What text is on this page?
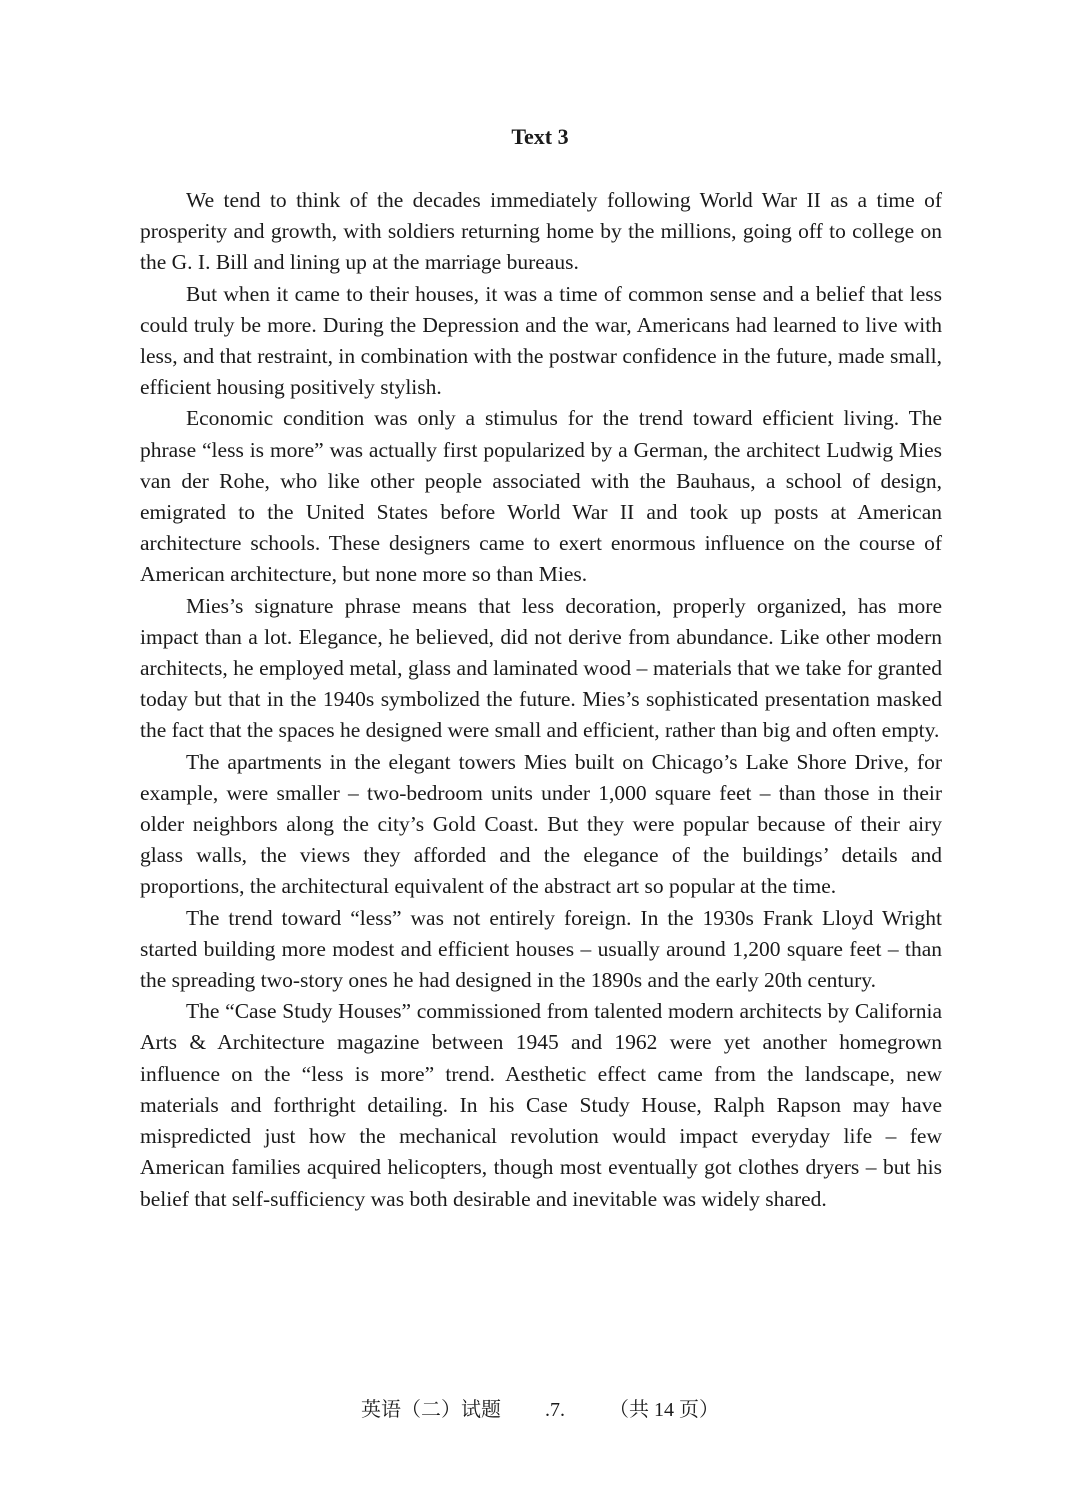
Text 3

We tend to think of the decades immediately following World War II as a time of prosperity and growth, with soldiers returning home by the millions, going off to college on the G. I. Bill and lining up at the marriage bureaus.

But when it came to their houses, it was a time of common sense and a belief that less could truly be more. During the Depression and the war, Americans had learned to live with less, and that restraint, in combination with the postwar confidence in the future, made small, efficient housing positively stylish.

Economic condition was only a stimulus for the trend toward efficient living. The phrase “less is more” was actually first popularized by a German, the architect Ludwig Mies van der Rohe, who like other people associated with the Bauhaus, a school of design, emigrated to the United States before World War II and took up posts at American architecture schools. These designers came to exert enormous influence on the course of American architecture, but none more so than Mies.

Mies’s signature phrase means that less decoration, properly organized, has more impact than a lot. Elegance, he believed, did not derive from abundance. Like other modern architects, he employed metal, glass and laminated wood – materials that we take for granted today but that in the 1940s symbolized the future. Mies’s sophisticated presentation masked the fact that the spaces he designed were small and efficient, rather than big and often empty.

The apartments in the elegant towers Mies built on Chicago’s Lake Shore Drive, for example, were smaller – two-bedroom units under 1,000 square feet – than those in their older neighbors along the city’s Gold Coast. But they were popular because of their airy glass walls, the views they afforded and the elegance of the buildings’ details and proportions, the architectural equivalent of the abstract art so popular at the time.

The trend toward “less” was not entirely foreign. In the 1930s Frank Lloyd Wright started building more modest and efficient houses – usually around 1,200 square feet – than the spreading two-story ones he had designed in the 1890s and the early 20th century.

The “Case Study Houses” commissioned from talented modern architects by California Arts & Architecture magazine between 1945 and 1962 were yet another homegrown influence on the “less is more” trend. Aesthetic effect came from the landscape, new materials and forthright detailing. In his Case Study House, Ralph Rapson may have mispredicted just how the mechanical revolution would impact everyday life – few American families acquired helicopters, though most eventually got clothes dryers – but his belief that self-sufficiency was both desirable and inevitable was widely shared.

英语（二）试题 .7. （共 14 页）
